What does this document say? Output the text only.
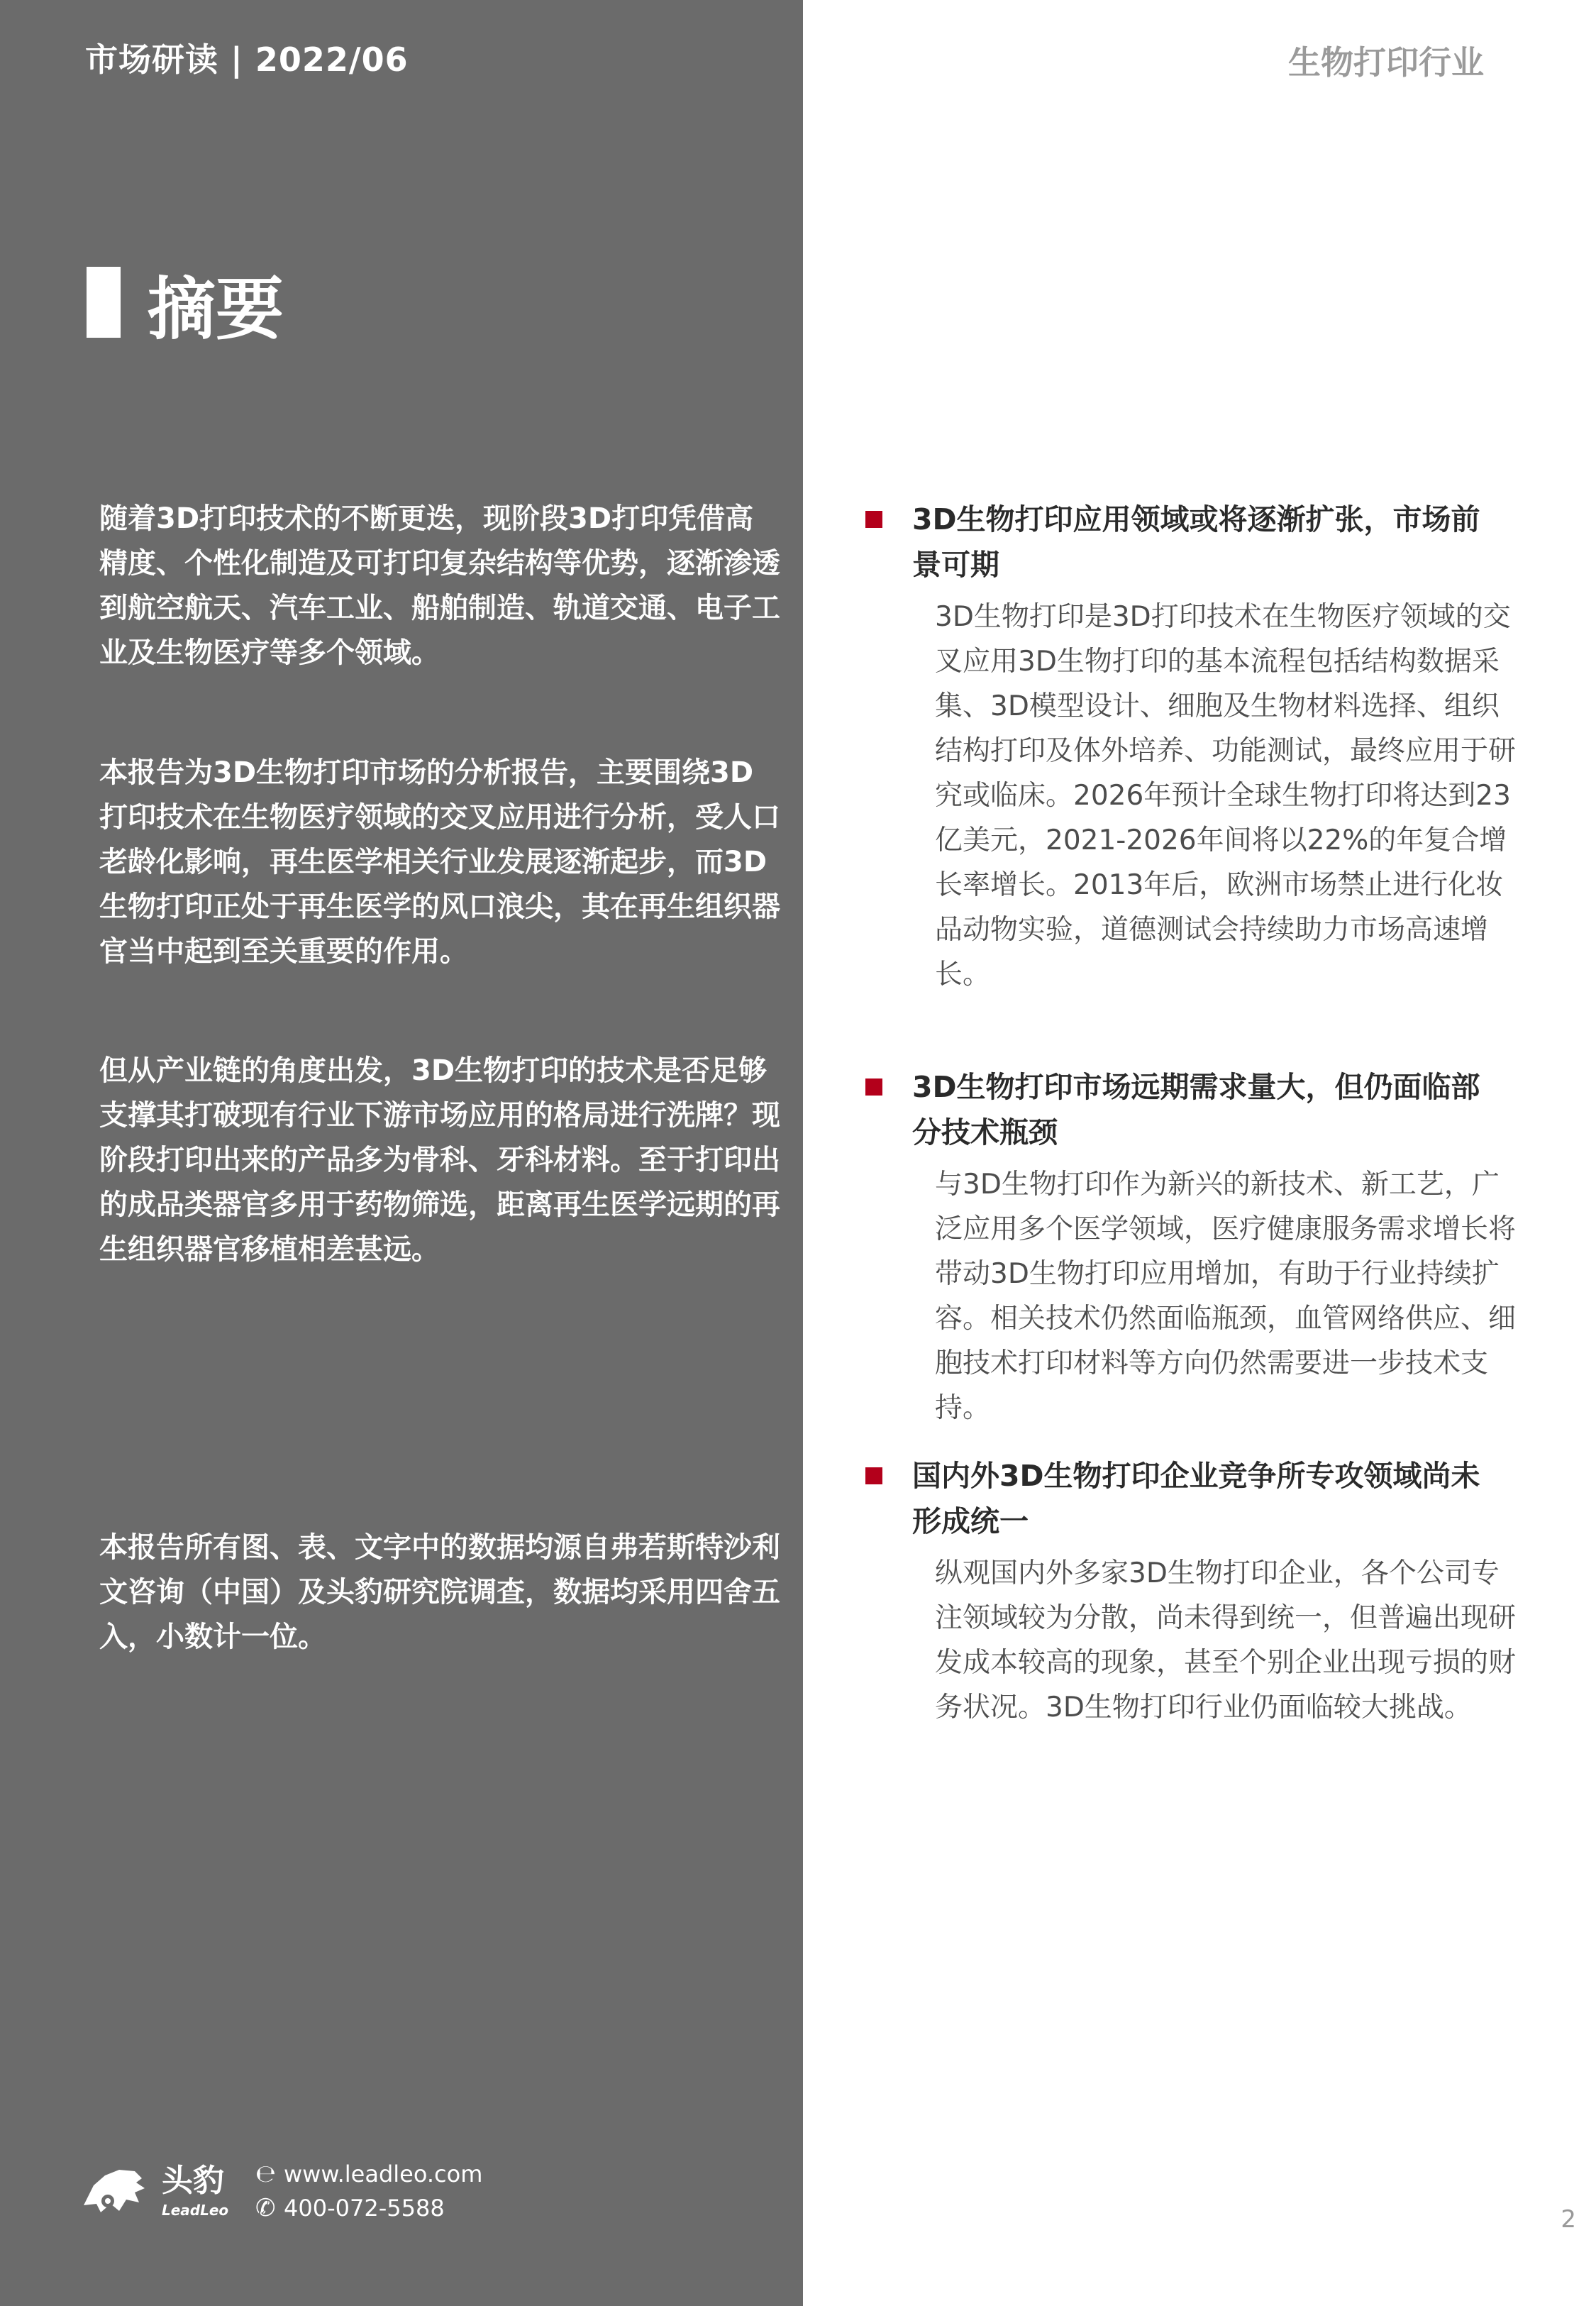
市场研读 | 2022/06	生物打印行业
摘要
随着3D打印技术的不断更迭，现阶段3D打印凭借高精度、个性化制造及可打印复杂结构等优势，逐渐渗透到航空航天、汽车工业、船舶制造、轨道交通、电子工业及生物医疗等多个领域。
本报告为3D生物打印市场的分析报告，主要围绕3D打印技术在生物医疗领域的交叉应用进行分析，受人口老龄化影响，再生医学相关行业发展逐渐起步，而3D生物打印正处于再生医学的风口浪尖，其在再生组织器官当中起到至关重要的作用。
但从产业链的角度出发，3D生物打印的技术是否足够支撑其打破现有行业下游市场应用的格局进行洗牌？现阶段打印出来的产品多为骨科、牙科材料。至于打印出的成品类器官多用于药物筛选，距离再生医学远期的再生组织器官移植相差甚远。
本报告所有图、表、文字中的数据均源自弗若斯特沙利文咨询（中国）及头豹研究院调查，数据均采用四舍五入，小数计一位。
3D生物打印应用领域或将逐渐扩张，市场前景可期
3D生物打印是3D打印技术在生物医疗领域的交叉应用3D生物打印的基本流程包括结构数据采集、3D模型设计、细胞及生物材料选择、组织结构打印及体外培养、功能测试，最终应用于研究或临床。2026年预计全球生物打印将达到23亿美元，2021-2026年间将以22%的年复合增长率增长。2013年后，欧洲市场禁止进行化妆品动物实验，道德测试会持续助力市场高速增长。
3D生物打印市场远期需求量大，但仍面临部分技术瓶颈
与3D生物打印作为新兴的新技术、新工艺，广泛应用多个医学领域，医疗健康服务需求增长将带动3D生物打印应用增加，有助于行业持续扩容。相关技术仍然面临瓶颈，血管网络供应、细胞技术打印材料等方向仍然需要进一步技术支持。
国内外3D生物打印企业竞争所专攻领域尚未形成统一
纵观国内外多家3D生物打印企业，各个公司专注领域较为分散，尚未得到统一，但普遍出现研发成本较高的现象，甚至个别企业出现亏损的财务状况。3D生物打印行业仍面临较大挑战。
头豹
LeadLeo
℮ www.leadleo.com
✆ 400-072-5588	2
